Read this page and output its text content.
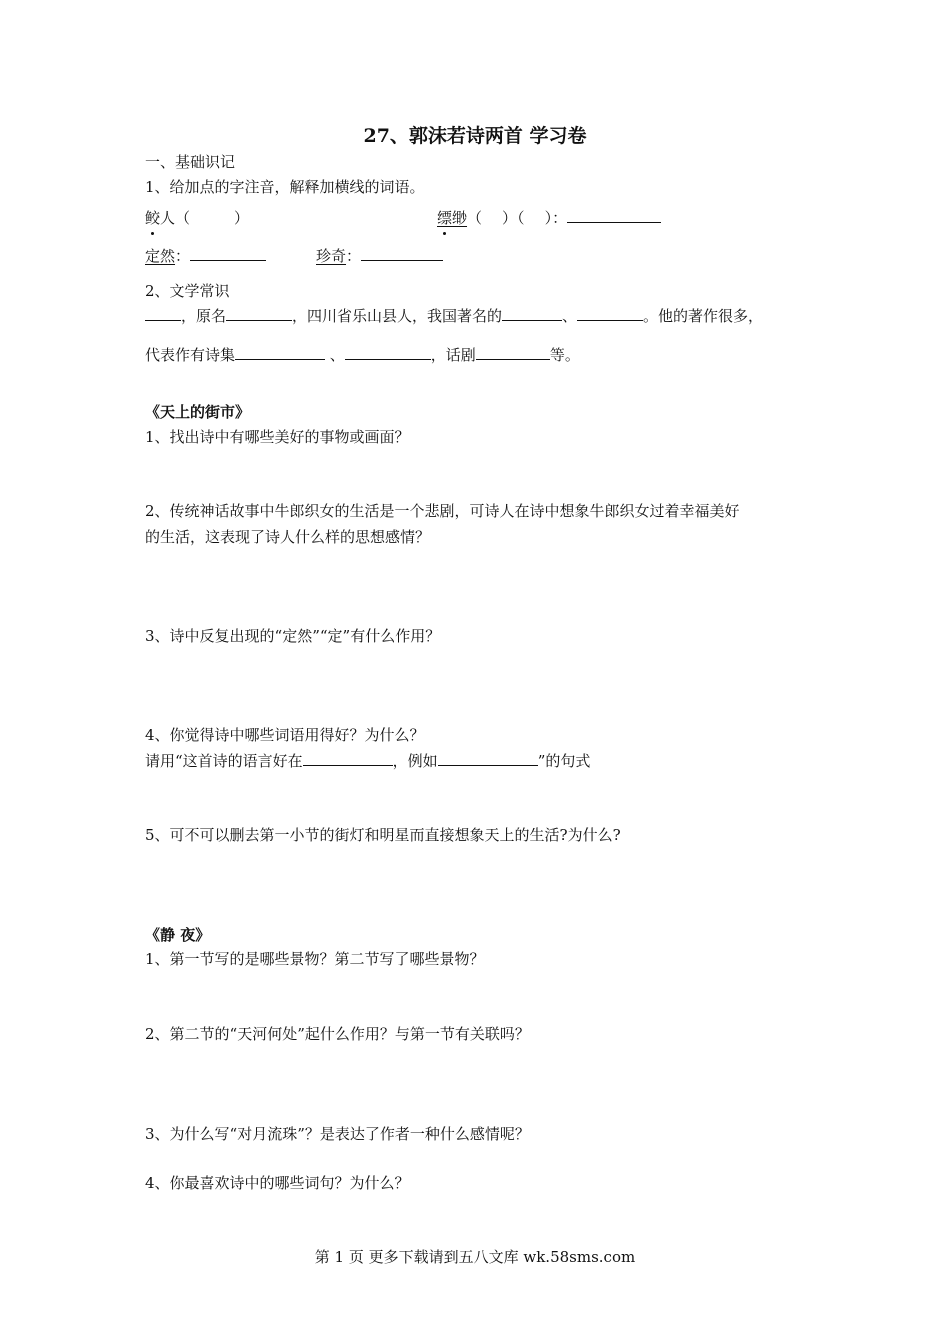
27、郭沫若诗两首 学习卷
一、基础识记
1、给加点的字注音，解释加横线的词语。
鲛人（	）	缥缈（ ）（ ）：
定然：	珍奇：
2、文学常识
，原名	，四川省乐山县人，我国著名的	、	。他的著作很多，
代表作有诗集	、	，话剧	等。
《天上的街市》
1、找出诗中有哪些美好的事物或画面？
2、传统神话故事中牛郎织女的生活是一个悲剧，可诗人在诗中想象牛郎织女过着幸福美好
的生活，这表现了诗人什么样的思想感情？
3、诗中反复出现的“定然”“定”有什么作用？
4、你觉得诗中哪些词语用得好？为什么？
请用“这首诗的语言好在	，例如	”的句式
5、可不可以删去第一小节的街灯和明星而直接想象天上的生活?为什么?
《静 夜》
1、第一节写的是哪些景物？第二节写了哪些景物？
2、第二节的“天河何处”起什么作用？与第一节有关联吗？
3、为什么写“对月流珠”？是表达了作者一种什么感情呢？
4、你最喜欢诗中的哪些词句？为什么？
第 1 页 更多下载请到五八文库 wk.58sms.com
